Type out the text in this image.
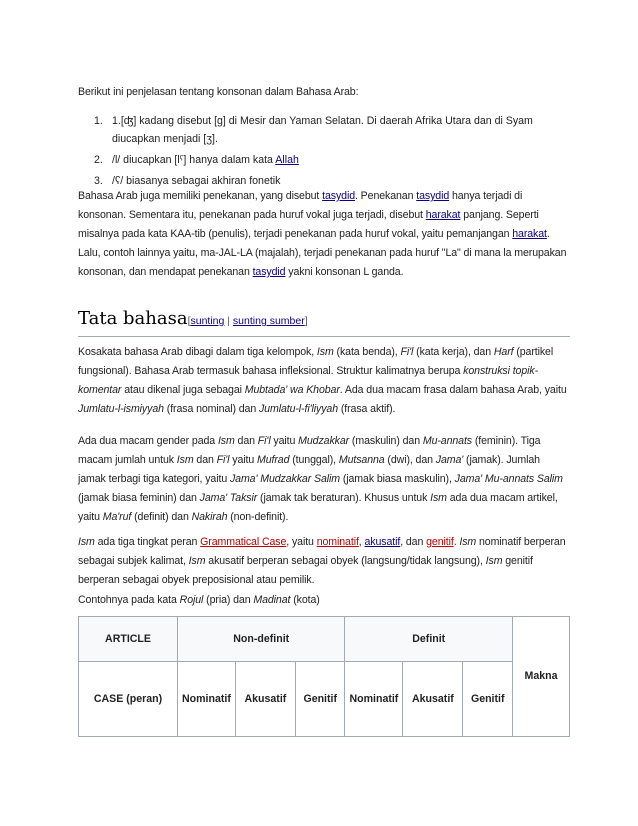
Berikut ini penjelasan tentang konsonan dalam Bahasa Arab:

1. 1.[ʤ] kadang disebut [g] di Mesir dan Yaman Selatan. Di daerah Afrika Utara dan di Syam diucapkan menjadi [ʒ].
2. /l/ diucapkan [lˁ] hanya dalam kata Allah
3. /ʕ/ biasanya sebagai akhiran fonetik

Bahasa Arab juga memiliki penekanan, yang disebut tasydid. Penekanan tasydid hanya terjadi di konsonan. Sementara itu, penekanan pada huruf vokal juga terjadi, disebut harakat panjang. Seperti misalnya pada kata KAA-tib (penulis), terjadi penekanan pada huruf vokal, yaitu pemanjangan harakat. Lalu, contoh lainnya yaitu, ma-JAL-LA (majalah), terjadi penekanan pada huruf "La" di mana la merupakan konsonan, dan mendapat penekanan tasydid yakni konsonan L ganda.

Tata bahasa[sunting | sunting sumber]

Kosakata bahasa Arab dibagi dalam tiga kelompok, Ism (kata benda), Fi'l (kata kerja), dan Harf (partikel fungsional). Bahasa Arab termasuk bahasa infleksional. Struktur kalimatnya berupa konstruksi topik-komentar atau dikenal juga sebagai Mubtada' wa Khobar. Ada dua macam frasa dalam bahasa Arab, yaitu Jumlatu-l-ismiyyah (frasa nominal) dan Jumlatu-l-fi'liyyah (frasa aktif).

Ada dua macam gender pada Ism dan Fi'l yaitu Mudzakkar (maskulin) dan Mu-annats (feminin). Tiga macam jumlah untuk Ism dan Fi'l yaitu Mufrad (tunggal), Mutsanna (dwi), dan Jama' (jamak). Jumlah jamak terbagi tiga kategori, yaitu Jama' Mudzakkar Salim (jamak biasa maskulin), Jama' Mu-annats Salim (jamak biasa feminin) dan Jama' Taksir (jamak tak beraturan). Khusus untuk Ism ada dua macam artikel, yaitu Ma'ruf (definit) dan Nakirah (non-definit).

Ism ada tiga tingkat peran Grammatical Case, yaitu nominatif, akusatif, dan genitif. Ism nominatif berperan sebagai subjek kalimat, Ism akusatif berperan sebagai obyek (langsung/tidak langsung), Ism genitif berperan sebagai obyek preposisional atau pemilik.

Contohnya pada kata Rojul (pria) dan Madinat (kota)

ARTICLE	Non-definit			Definit			Makna
CASE (peran)	Nominatif	Akusatif	Genitif	Nominatif	Akusatif	Genitif	
